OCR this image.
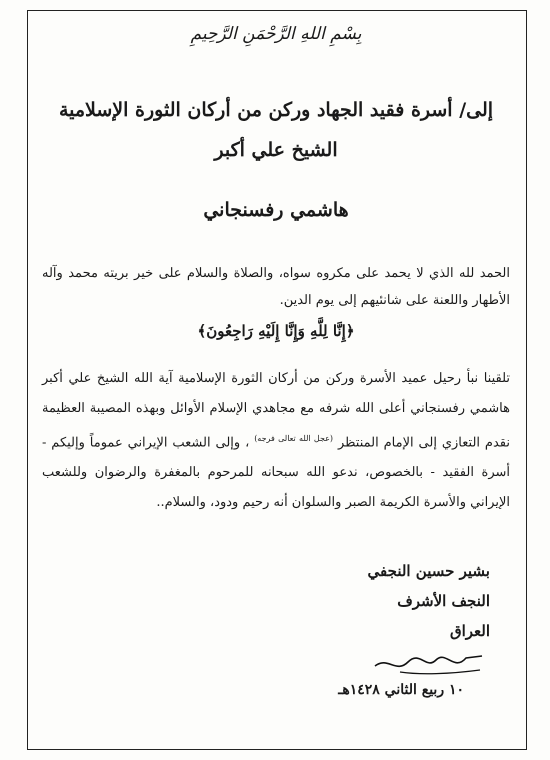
بِسْمِ اللهِ الرَّحْمَنِ الرَّحِيمِ
إلى/ أسرة فقيد الجهاد وركن من أركان الثورة الإسلامية الشيخ علي أكبر
هاشمي رفسنجاني
الحمد لله الذي لا يحمد على مكروه سواه، والصلاة والسلام على خير بريته محمد وآله الأطهار واللعنة على شانئيهم إلى يوم الدين.
﴿إِنَّا لِلَّهِ وَإِنَّا إِلَيْهِ رَاجِعُونَ﴾
تلقينا نبأ رحيل عميد الأسرة وركن من أركان الثورة الإسلامية آية الله الشيخ علي أكبر هاشمي رفسنجاني أعلى الله شرفه مع مجاهدي الإسلام الأوائل وبهذه المصيبة العظيمة نقدم التعازي إلى الإمام المنتظر $^{(عجل الله تعالى فرجه)}$ ، وإلى الشعب الإيراني عموماً وإليكم - أسرة الفقيد - بالخصوص، ندعو الله سبحانه للمرحوم بالمغفرة والرضوان وللشعب الإيراني والأسرة الكريمة الصبر والسلوان أنه رحيم ودود، والسلام..
بشير حسين النجفي
النجف الأشرف
العراق
١٠ ربيع الثاني ١٤٢٨هـ
